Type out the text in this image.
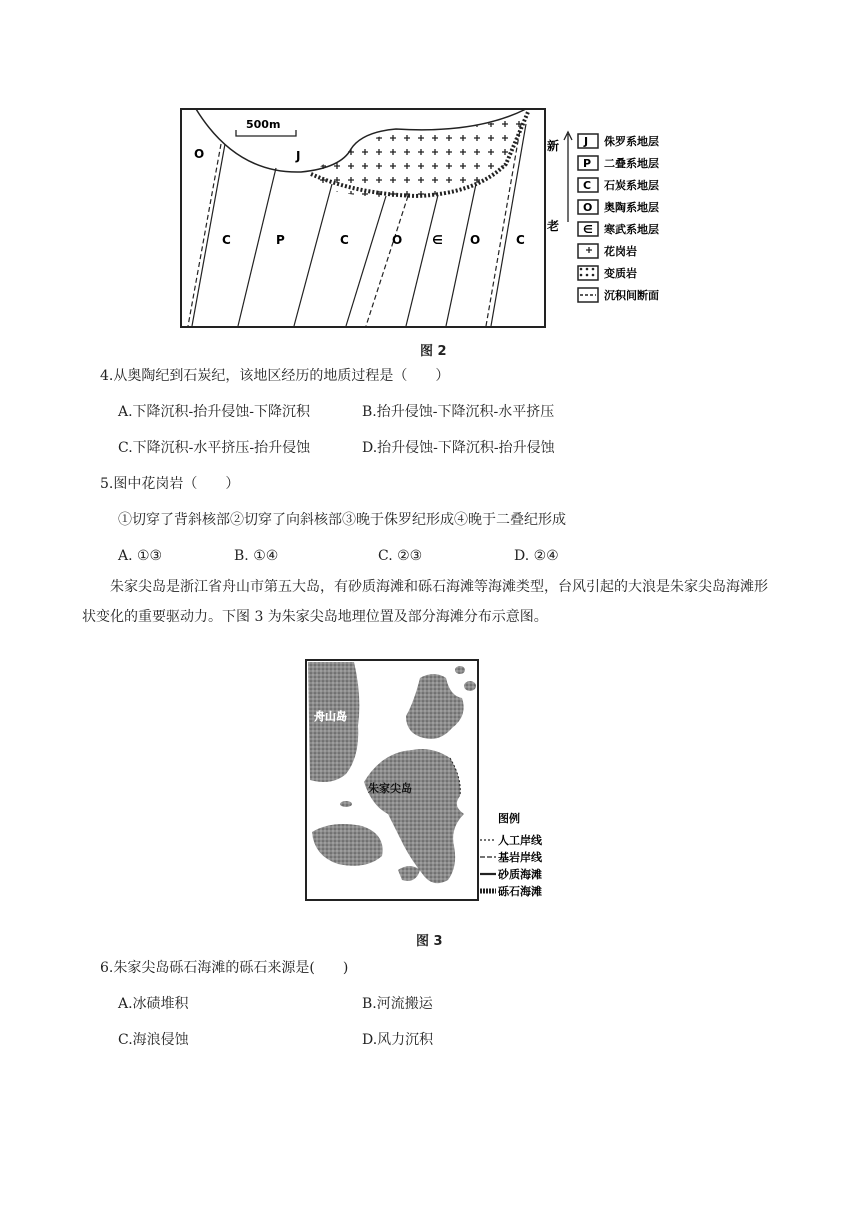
500m
O	J
C	P	C	O ∈ O	C
新
老
J
P
C
O
∈
侏罗系地层
二叠系地层
石炭系地层
奥陶系地层
寒武系地层
花岗岩
变质岩
沉积间断面
图 2
4.从奥陶纪到石炭纪，该地区经历的地质过程是（　　）
A.下降沉积-抬升侵蚀-下降沉积	B.抬升侵蚀-下降沉积-水平挤压
C.下降沉积-水平挤压-抬升侵蚀	D.抬升侵蚀-下降沉积-抬升侵蚀
5.图中花岗岩（　　）
①切穿了背斜核部②切穿了向斜核部③晚于侏罗纪形成④晚于二叠纪形成
A. ①③	B. ①④	C. ②③	D. ②④
朱家尖岛是浙江省舟山市第五大岛，有砂质海滩和砾石海滩等海滩类型，台风引起的大浪是朱家尖岛海滩形状变化的重要驱动力。下图 3 为朱家尖岛地理位置及部分海滩分布示意图。
舟山岛
朱家尖岛
图例
人工岸线
基岩岸线
砂质海滩
砾石海滩
图 3
6.朱家尖岛砾石海滩的砾石来源是(　　)
A.冰碛堆积	B.河流搬运
C.海浪侵蚀	D.风力沉积
